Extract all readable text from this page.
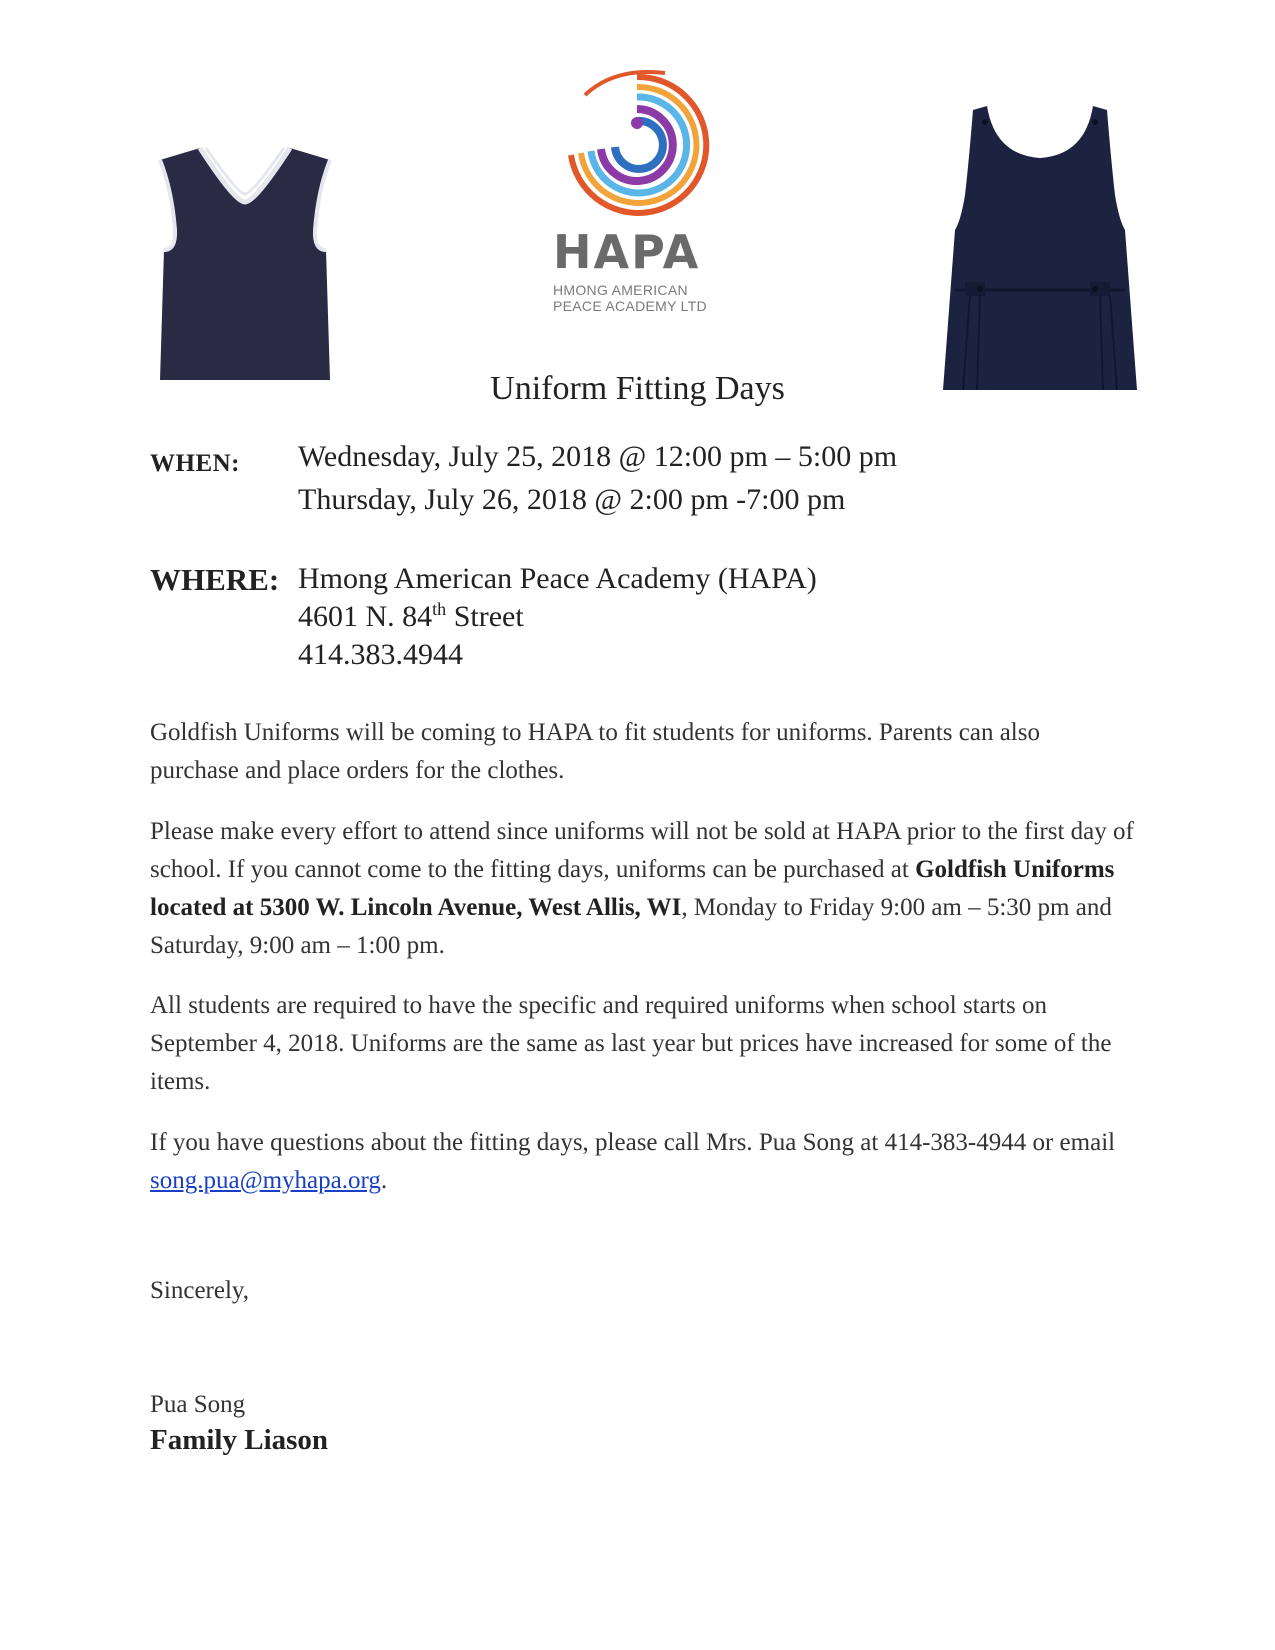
HAPA
HMONG AMERICAN
PEACE ACADEMY LTD
Uniform Fitting Days
WHEN: Wednesday, July 25, 2018 @ 12:00 pm – 5:00 pm
Thursday, July 26, 2018 @ 2:00 pm -7:00 pm
WHERE: Hmong American Peace Academy (HAPA)
4601 N. 84th Street
414.383.4944
Goldfish Uniforms will be coming to HAPA to fit students for uniforms. Parents can also purchase and place orders for the clothes.
Please make every effort to attend since uniforms will not be sold at HAPA prior to the first day of school. If you cannot come to the fitting days, uniforms can be purchased at Goldfish Uniforms located at 5300 W. Lincoln Avenue, West Allis, WI, Monday to Friday 9:00 am – 5:30 pm and Saturday, 9:00 am – 1:00 pm.
All students are required to have the specific and required uniforms when school starts on September 4, 2018. Uniforms are the same as last year but prices have increased for some of the items.
If you have questions about the fitting days, please call Mrs. Pua Song at 414-383-4944 or email song.pua@myhapa.org.
Sincerely,
Pua Song
Family Liason
